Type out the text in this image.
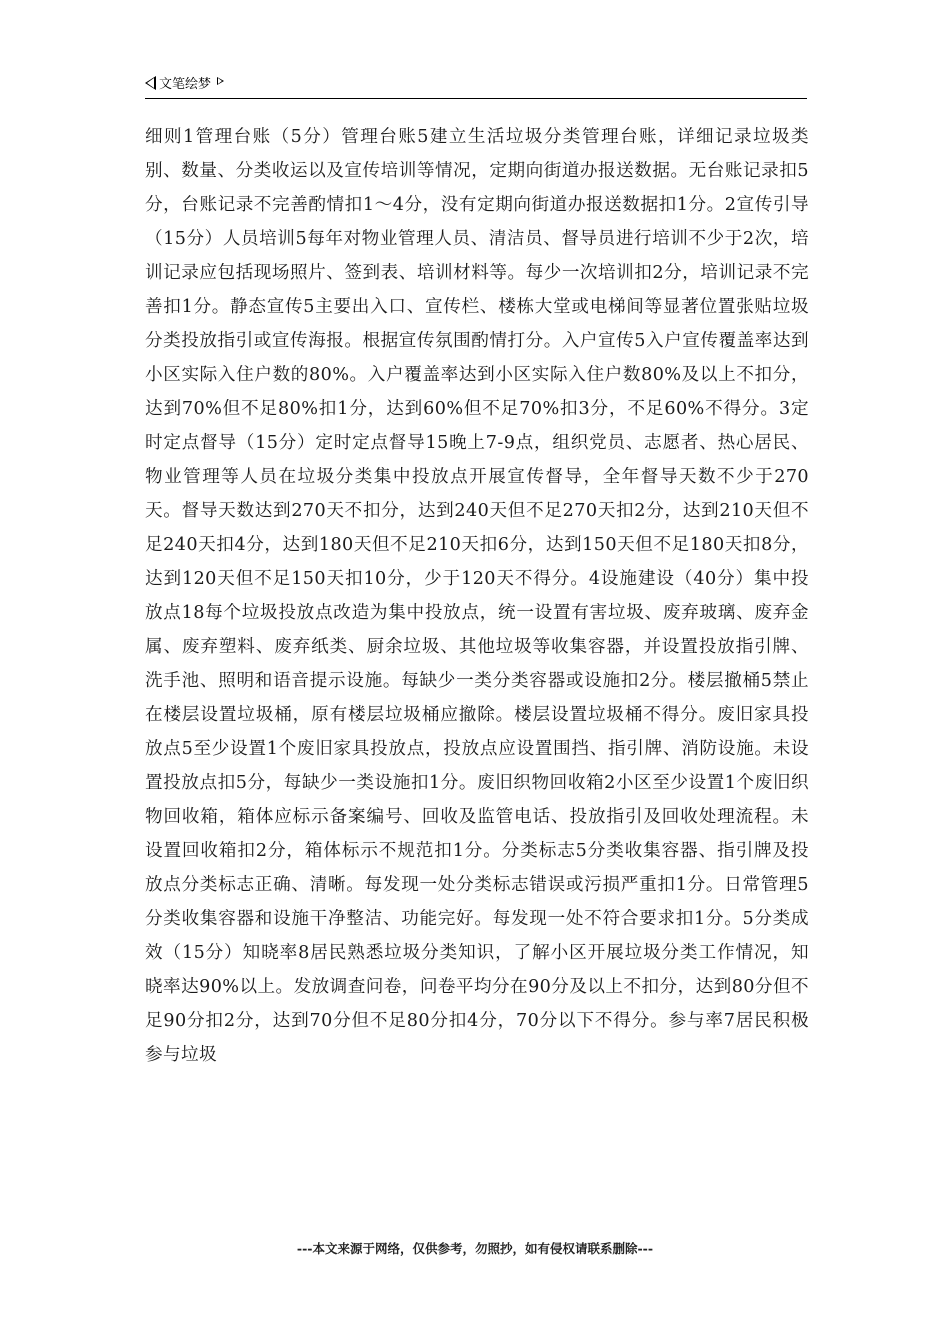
文笔绘梦

细则1管理台账（5分）管理台账5建立生活垃圾分类管理台账，详细记录垃圾类别、数量、分类收运以及宣传培训等情况，定期向街道办报送数据。无台账记录扣5分，台账记录不完善酌情扣1～4分，没有定期向街道办报送数据扣1分。2宣传引导（15分）人员培训5每年对物业管理人员、清洁员、督导员进行培训不少于2次，培训记录应包括现场照片、签到表、培训材料等。每少一次培训扣2分，培训记录不完善扣1分。静态宣传5主要出入口、宣传栏、楼栋大堂或电梯间等显著位置张贴垃圾分类投放指引或宣传海报。根据宣传氛围酌情打分。入户宣传5入户宣传覆盖率达到小区实际入住户数的80%。入户覆盖率达到小区实际入住户数80%及以上不扣分，达到70%但不足80%扣1分，达到60%但不足70%扣3分，不足60%不得分。3定时定点督导（15分）定时定点督导15晚上7-9点，组织党员、志愿者、热心居民、物业管理等人员在垃圾分类集中投放点开展宣传督导，全年督导天数不少于270天。督导天数达到270天不扣分，达到240天但不足270天扣2分，达到210天但不足240天扣4分，达到180天但不足210天扣6分，达到150天但不足180天扣8分，达到120天但不足150天扣10分，少于120天不得分。4设施建设（40分）集中投放点18每个垃圾投放点改造为集中投放点，统一设置有害垃圾、废弃玻璃、废弃金属、废弃塑料、废弃纸类、厨余垃圾、其他垃圾等收集容器，并设置投放指引牌、洗手池、照明和语音提示设施。每缺少一类分类容器或设施扣2分。楼层撤桶5禁止在楼层设置垃圾桶，原有楼层垃圾桶应撤除。楼层设置垃圾桶不得分。废旧家具投放点5至少设置1个废旧家具投放点，投放点应设置围挡、指引牌、消防设施。未设置投放点扣5分，每缺少一类设施扣1分。废旧织物回收箱2小区至少设置1个废旧织物回收箱，箱体应标示备案编号、回收及监管电话、投放指引及回收处理流程。未设置回收箱扣2分，箱体标示不规范扣1分。分类标志5分类收集容器、指引牌及投放点分类标志正确、清晰。每发现一处分类标志错误或污损严重扣1分。日常管理5分类收集容器和设施干净整洁、功能完好。每发现一处不符合要求扣1分。5分类成效（15分）知晓率8居民熟悉垃圾分类知识，了解小区开展垃圾分类工作情况，知晓率达90%以上。发放调查问卷，问卷平均分在90分及以上不扣分，达到80分但不足90分扣2分，达到70分但不足80分扣4分，70分以下不得分。参与率7居民积极参与垃圾

---本文来源于网络，仅供参考，勿照抄，如有侵权请联系删除---
